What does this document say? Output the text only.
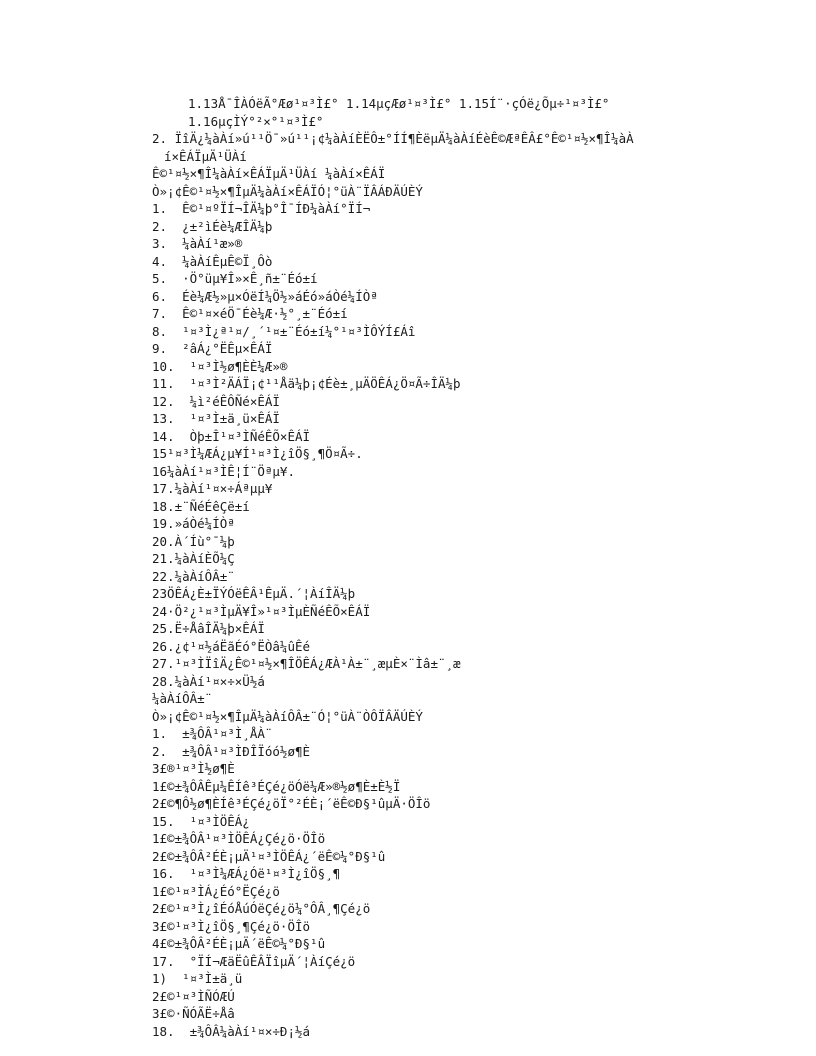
1.13Å¯ÎÀÓëÃ°Æø¹¤³Ì£° 1.14µçÆø¹¤³Ì£° 1.15Í¨·çÓë¿Õµ÷¹¤³Ì£°
1.16µçÌÝ°²×°¹¤³Ì£°
2. ÏîÄ¿¼àÀí»ú¹¹Ö¯»ú¹¹¡¢¼àÀíÈËÔ±°ÍÍ¶ÈëµÄ¼àÀíÉèÊ©ÆªÊÂ£°Ê©¹¤½×¶Î¼àÀ
í×ÊÁÏµÄ¹ÜÀí
Ê©¹¤½×¶Î¼àÀí×ÊÁÏµÄ¹ÜÀí ¼àÀí×ÊÁÏ
Ò»¡¢Ê©¹¤½×¶ÎµÄ¼àÀí×ÊÁÏÓ¦°üÀ¨ÏÂÁÐÄÚÈÝ
1.  Ê©¹¤ºÏÍ¬ÎÄ¼þ°Î¯ÍÐ¼àÀí°ÏÍ¬
2.  ¿±²ìÉè¼ÆÎÄ¼þ
3.  ¼àÀí¹æ»®
4.  ¼àÀíÊµÊ©Ï¸Ôò
5.  ·Ö°üµ¥Î»×Ê¸ñ±¨Éó±í
6.  Éè¼Æ½»µ×ÓëÍ¼Ö½»áÉó»áÒé¼ÍÒª
7.  Ê©¹¤×éÖ¯Éè¼Æ·½°¸±¨Éó±í
8.  ¹¤³Ì¿ª¹¤/¸´¹¤±¨Éó±í¼°¹¤³ÌÔÝÍ£Áî
9.  ²âÁ¿°ËÊµ×ÊÁÏ
10.  ¹¤³Ì½ø¶ÈÈ¼Æ»®
11.  ¹¤³Ì²ÄÁÏ¡¢¹¹Åä¼þ¡¢Éè±¸µÄÖÊÁ¿Ö¤Ã÷ÎÄ¼þ
12.  ¼ì²éÊÔÑé×ÊÁÏ
13.  ¹¤³Ì±ä¸ü×ÊÁÏ
14.  Òþ±Î¹¤³ÌÑéÊÕ×ÊÁÏ
15¹¤³Ì¼ÆÁ¿µ¥Í¹¤³Ì¿îÖ§¸¶Ö¤Ã÷.
16¼àÀí¹¤³ÌÊ¦Í¨Öªµ¥.
17.¼àÀí¹¤×÷Áªµµ¥
18.±¨ÑéÉêÇë±í
19.»áÒé¼ÍÒª
20.À´Íù°¯¼þ
21.¼àÀíÈÕ¼Ç
22.¼àÀíÔÂ±¨
23ÖÊÁ¿È±ÏÝÓëÊÂ¹ÊµÄ.´¦ÀíÎÄ¼þ
24·Ö²¿¹¤³ÌµÄ¥Î»¹¤³ÌµÈÑéÊÕ×ÊÁÏ
25.Ë÷ÅâÎÄ¼þ×ÊÁÏ
26.¿¢¹¤½áËãÉó°ËÒâ¼ûÊé
27.¹¤³ÌÏîÄ¿Ê©¹¤½×¶ÎÖÊÁ¿ÆÀ¹À±¨¸æµÈ×¨Ìâ±¨¸æ
28.¼àÀí¹¤×÷×Ü½á
¼àÀíÔÂ±¨
Ò»¡¢Ê©¹¤½×¶ÎµÄ¼àÀíÔÂ±¨Ó¦°üÀ¨ÒÔÏÂÄÚÈÝ
1.  ±¾ÔÂ¹¤³Ì¸ÅÀ¨
2.  ±¾ÔÂ¹¤³ÌÐÎÏóó½ø¶È
3£®¹¤³Ì½ø¶È
1£©±¾ÔÂÊµ¼ÊÍê³ÉÇé¿öÓë¼Æ»®½ø¶È±È½Ï
2£©¶Ô½ø¶ÈÍê³ÉÇé¿öÏ°²ÉÈ¡´ëÊ©Ð§¹ûµÄ·ÖÎö
15.  ¹¤³ÌÖÊÁ¿
1£©±¾ÔÂ¹¤³ÌÖÊÁ¿Çé¿ö·ÖÎö
2£©±¾ÔÂ²ÉÈ¡µÄ¹¤³ÌÖÊÁ¿´ëÊ©¼°Ð§¹û
16.  ¹¤³Ì¼ÆÁ¿Óë¹¤³Ì¿îÖ§¸¶
1£©¹¤³ÌÁ¿Éó°ËÇé¿ö
2£©¹¤³Ì¿îÉóÅúÓëÇé¿ö¼°ÔÂ¸¶Çé¿ö
3£©¹¤³Ì¿îÖ§¸¶Çé¿ö·ÖÎö
4£©±¾ÔÂ²ÉÈ¡µÄ´ëÊ©¼°Ð§¹û
17.  °ÏÍ¬ÆäËûÊÂÏîµÄ´¦ÀíÇé¿ö
1)  ¹¤³Ì±ä¸ü
2£©¹¤³ÌÑÓÆÚ
3£©·ÑÓÃË÷Åâ
18.  ±¾ÔÂ¼àÀí¹¤×÷Ð¡½á
